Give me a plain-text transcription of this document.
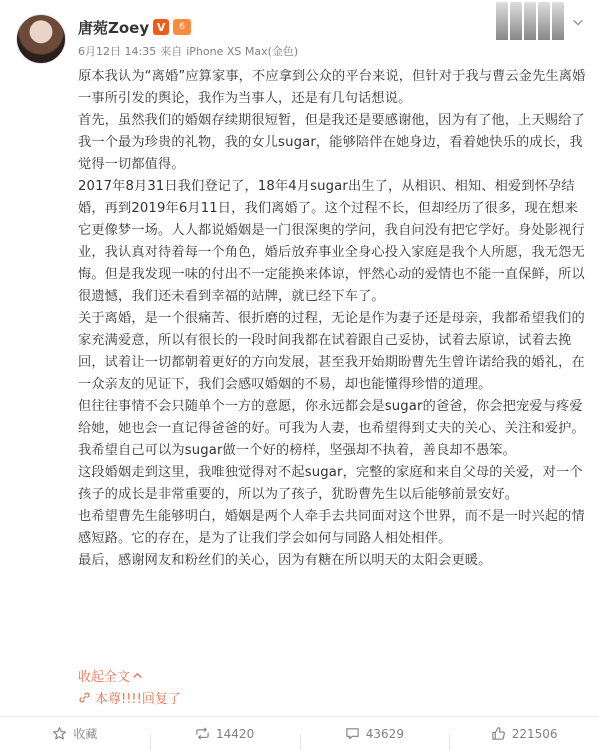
唐菀Zoey V	6
6月12日 14:35 来自 iPhone XS Max(金色)

原本我认为“离婚”应算家事，不应拿到公众的平台来说，但针对于我与曹云金先生离婚一事所引发的舆论，我作为当事人，还是有几句话想说。

首先，虽然我们的婚姻存续期很短暂，但是我还是要感谢他，因为有了他，上天赐给了我一个最为珍贵的礼物，我的女儿sugar，能够陪伴在她身边，看着她快乐的成长，我觉得一切都值得。

2017年8月31日我们登记了，18年4月sugar出生了，从相识、相知、相爱到怀孕结婚，再到2019年6月11日，我们离婚了。这个过程不长，但却经历了很多，现在想来它更像梦一场。人人都说婚姻是一门很深奥的学问，我自问没有把它学好。身处影视行业，我认真对待着每一个角色，婚后放弃事业全身心投入家庭是我个人所愿，我无怨无悔。但是我发现一味的付出不一定能换来体谅，怦然心动的爱情也不能一直保鲜，所以很遗憾，我们还未看到幸福的站牌，就已经下车了。

关于离婚，是一个很痛苦、很折磨的过程，无论是作为妻子还是母亲，我都希望我们的家充满爱意，所以有很长的一段时间我都在试着跟自己妥协，试着去原谅，试着去挽回，试着让一切都朝着更好的方向发展，甚至我开始期盼曹先生曾许诺给我的婚礼，在一众亲友的见证下，我们会感叹婚姻的不易，却也能懂得珍惜的道理。

但往往事情不会只随单个一方的意愿，你永远都会是sugar的爸爸，你会把宠爱与疼爱给她，她也会一直记得爸爸的好。可我为人妻，也希望得到丈夫的关心、关注和爱护。我希望自己可以为sugar做一个好的榜样，坚强却不执着，善良却不愚笨。

这段婚姻走到这里，我唯独觉得对不起sugar，完整的家庭和来自父母的关爱，对一个孩子的成长是非常重要的，所以为了孩子，犹盼曹先生以后能够前景安好。

也希望曹先生能够明白，婚姻是两个人牵手去共同面对这个世界，而不是一时兴起的情感短路。它的存在，是为了让我们学会如何与同路人相处相伴。

最后，感谢网友和粉丝们的关心，因为有糖在所以明天的太阳会更暖。

收起全文
本尊!!!!回复了
收藏	14420	43629	221506
